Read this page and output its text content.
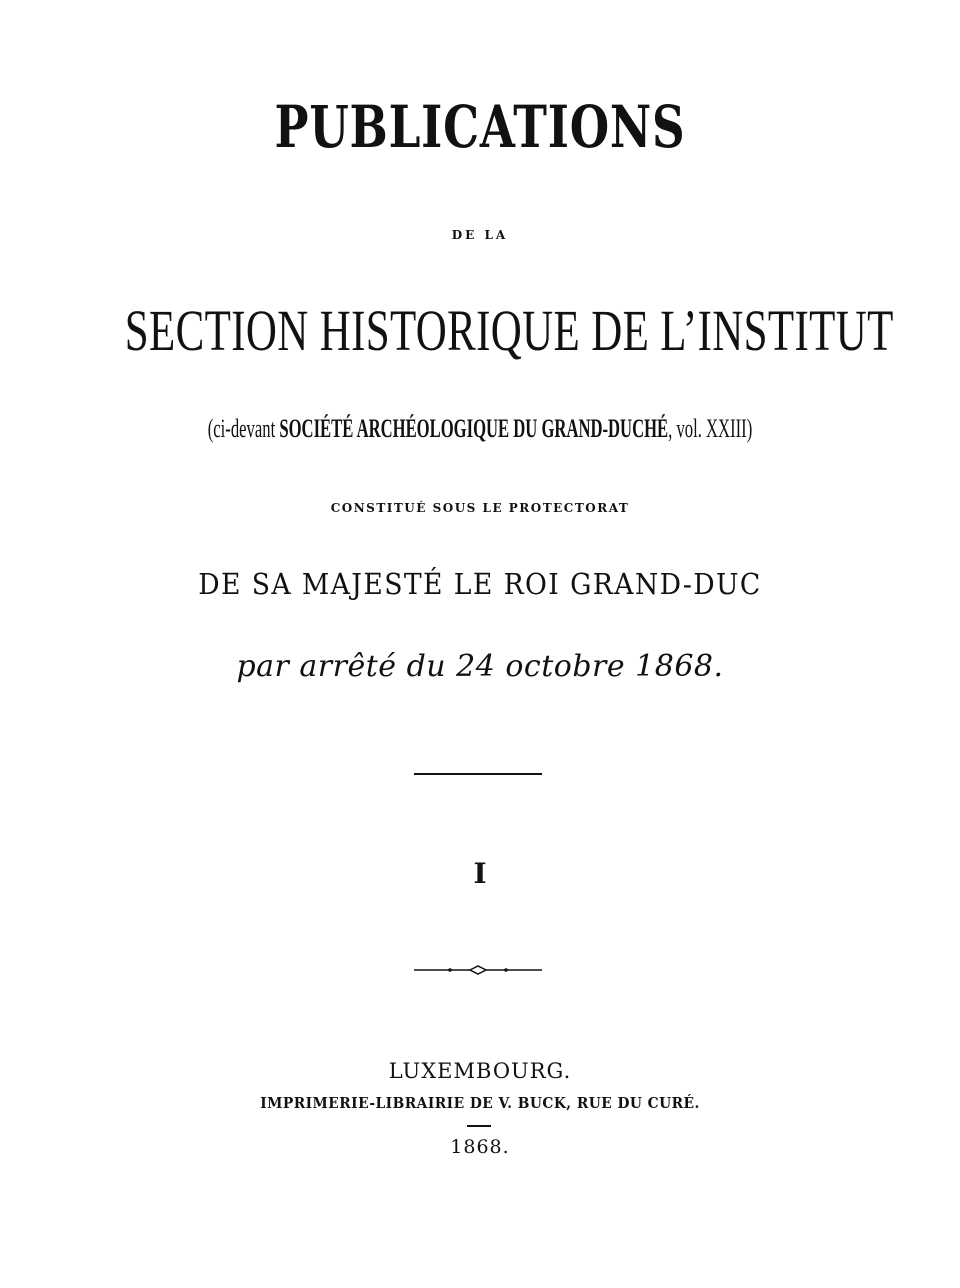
PUBLICATIONS
DE LA
SECTION HISTORIQUE DE L’INSTITUT
(ci-devant SOCIÉTÉ ARCHÉOLOGIQUE DU GRAND-DUCHÉ, vol. XXIII)
CONSTITUÉ SOUS LE PROTECTORAT
DE SA MAJESTÉ LE ROI GRAND-DUC
par arrêté du 24 octobre 1868.
I
LUXEMBOURG.
IMPRIMERIE-LIBRAIRIE DE V. BUCK, RUE DU CURÉ.
1868.
